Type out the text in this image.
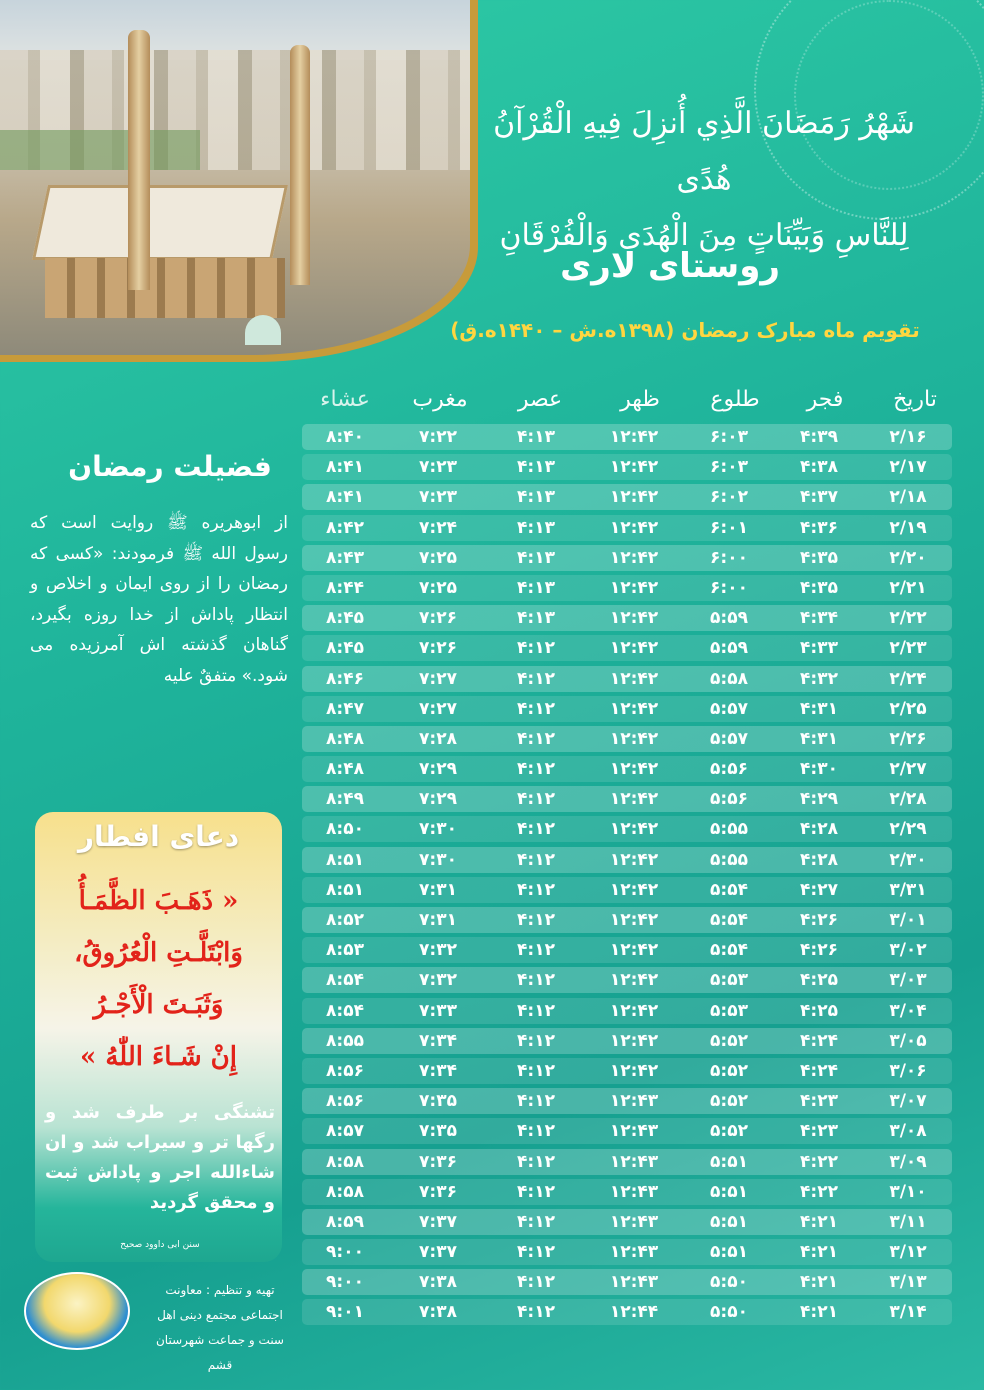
شَهْرُ رَمَضَانَ الَّذِي أُنزِلَ فِيهِ الْقُرْآنُ هُدًى
لِلنَّاسِ وَبَيِّنَاتٍ مِنَ الْهُدَى وَالْفُرْقَانِ
روستای لاری
تقویم ماه مبارک رمضان (۱۳۹۸ه.ش – ۱۴۴۰ه.ق)
تاریخ
فجر
طلوع
ظهر
عصر
مغرب
عشاء
۲/۱۶
۴:۳۹
۶:۰۳
۱۲:۴۲
۴:۱۳
۷:۲۲
۸:۴۰
۲/۱۷
۴:۳۸
۶:۰۳
۱۲:۴۲
۴:۱۳
۷:۲۳
۸:۴۱
۲/۱۸
۴:۳۷
۶:۰۲
۱۲:۴۲
۴:۱۳
۷:۲۳
۸:۴۱
۲/۱۹
۴:۳۶
۶:۰۱
۱۲:۴۲
۴:۱۳
۷:۲۴
۸:۴۲
۲/۲۰
۴:۳۵
۶:۰۰
۱۲:۴۲
۴:۱۳
۷:۲۵
۸:۴۳
۲/۲۱
۴:۳۵
۶:۰۰
۱۲:۴۲
۴:۱۳
۷:۲۵
۸:۴۴
۲/۲۲
۴:۳۴
۵:۵۹
۱۲:۴۲
۴:۱۳
۷:۲۶
۸:۴۵
۲/۲۳
۴:۳۳
۵:۵۹
۱۲:۴۲
۴:۱۲
۷:۲۶
۸:۴۵
۲/۲۴
۴:۳۲
۵:۵۸
۱۲:۴۲
۴:۱۲
۷:۲۷
۸:۴۶
۲/۲۵
۴:۳۱
۵:۵۷
۱۲:۴۲
۴:۱۲
۷:۲۷
۸:۴۷
۲/۲۶
۴:۳۱
۵:۵۷
۱۲:۴۲
۴:۱۲
۷:۲۸
۸:۴۸
۲/۲۷
۴:۳۰
۵:۵۶
۱۲:۴۲
۴:۱۲
۷:۲۹
۸:۴۸
۲/۲۸
۴:۲۹
۵:۵۶
۱۲:۴۲
۴:۱۲
۷:۲۹
۸:۴۹
۲/۲۹
۴:۲۸
۵:۵۵
۱۲:۴۲
۴:۱۲
۷:۳۰
۸:۵۰
۲/۳۰
۴:۲۸
۵:۵۵
۱۲:۴۲
۴:۱۲
۷:۳۰
۸:۵۱
۳/۳۱
۴:۲۷
۵:۵۴
۱۲:۴۲
۴:۱۲
۷:۳۱
۸:۵۱
۳/۰۱
۴:۲۶
۵:۵۴
۱۲:۴۲
۴:۱۲
۷:۳۱
۸:۵۲
۳/۰۲
۴:۲۶
۵:۵۴
۱۲:۴۲
۴:۱۲
۷:۳۲
۸:۵۳
۳/۰۳
۴:۲۵
۵:۵۳
۱۲:۴۲
۴:۱۲
۷:۳۲
۸:۵۴
۳/۰۴
۴:۲۵
۵:۵۳
۱۲:۴۲
۴:۱۲
۷:۳۳
۸:۵۴
۳/۰۵
۴:۲۴
۵:۵۲
۱۲:۴۲
۴:۱۲
۷:۳۴
۸:۵۵
۳/۰۶
۴:۲۴
۵:۵۲
۱۲:۴۲
۴:۱۲
۷:۳۴
۸:۵۶
۳/۰۷
۴:۲۳
۵:۵۲
۱۲:۴۳
۴:۱۲
۷:۳۵
۸:۵۶
۳/۰۸
۴:۲۳
۵:۵۲
۱۲:۴۳
۴:۱۲
۷:۳۵
۸:۵۷
۳/۰۹
۴:۲۲
۵:۵۱
۱۲:۴۳
۴:۱۲
۷:۳۶
۸:۵۸
۳/۱۰
۴:۲۲
۵:۵۱
۱۲:۴۳
۴:۱۲
۷:۳۶
۸:۵۸
۳/۱۱
۴:۲۱
۵:۵۱
۱۲:۴۳
۴:۱۲
۷:۳۷
۸:۵۹
۳/۱۲
۴:۲۱
۵:۵۱
۱۲:۴۳
۴:۱۲
۷:۳۷
۹:۰۰
۳/۱۳
۴:۲۱
۵:۵۰
۱۲:۴۳
۴:۱۲
۷:۳۸
۹:۰۰
۳/۱۴
۴:۲۱
۵:۵۰
۱۲:۴۴
۴:۱۲
۷:۳۸
۹:۰۱
فضیلت رمضان
از ابوهریره ﷺ روایت است که رسول الله ﷺ فرمودند: «کسی که رمضان را از روی ایمان و اخلاص و انتظار پاداش از خدا روزه بگیرد، گناهان گذشته اش آمرزیده می شود.» متفقٌ علیه
دعای افطار
« ذَهَـبَ الظَّمَـأُ
وَابْتَلَّـتِ الْعُرُوقُ،
وَثَبَـتَ الْأَجْـرُ
إِنْ شَـاءَ اللّٰهُ »
تشنگی بر طرف شد و رگها تر و سیراب شد و ان شاءالله اجر و پاداش ثبت و محقق گردید
سنن ابی داوود صحیح
تهیه و تنظیم : معاونت
اجتماعی مجتمع دینی اهل
سنت و جماعت شهرستان قشم
